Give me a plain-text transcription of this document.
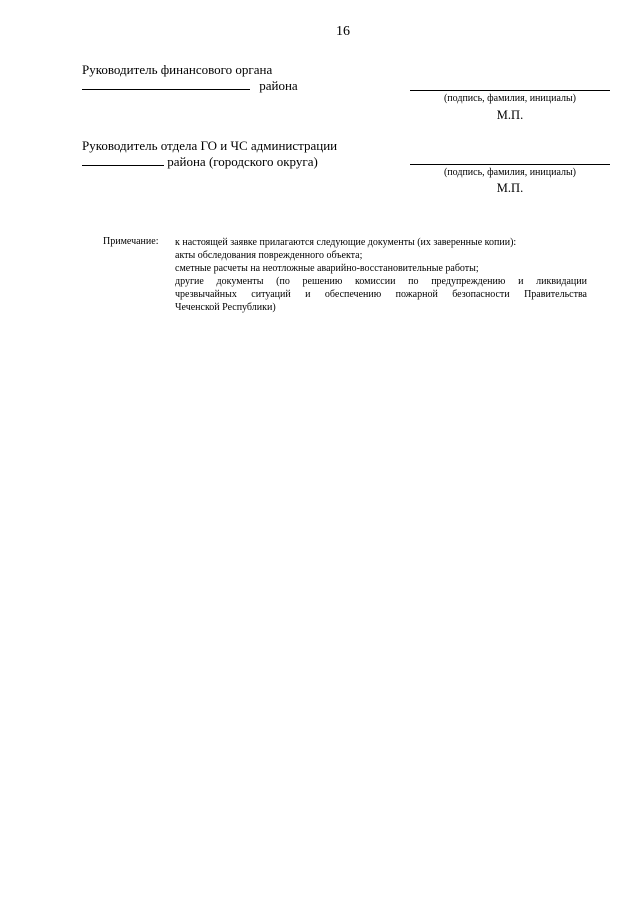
16
Руководитель финансового органа
района
(подпись, фамилия, инициалы)
М.П.
Руководитель отдела ГО и ЧС администрации
района (городского округа)
(подпись, фамилия, инициалы)
М.П.
Примечание: к настоящей заявке прилагаются следующие документы (их заверенные копии):
акты обследования поврежденного объекта;
сметные расчеты на неотложные аварийно-восстановительные работы;
другие документы (по решению комиссии по предупреждению и ликвидации
чрезвычайных ситуаций и обеспечению пожарной безопасности Правительства
Чеченской Республики)
